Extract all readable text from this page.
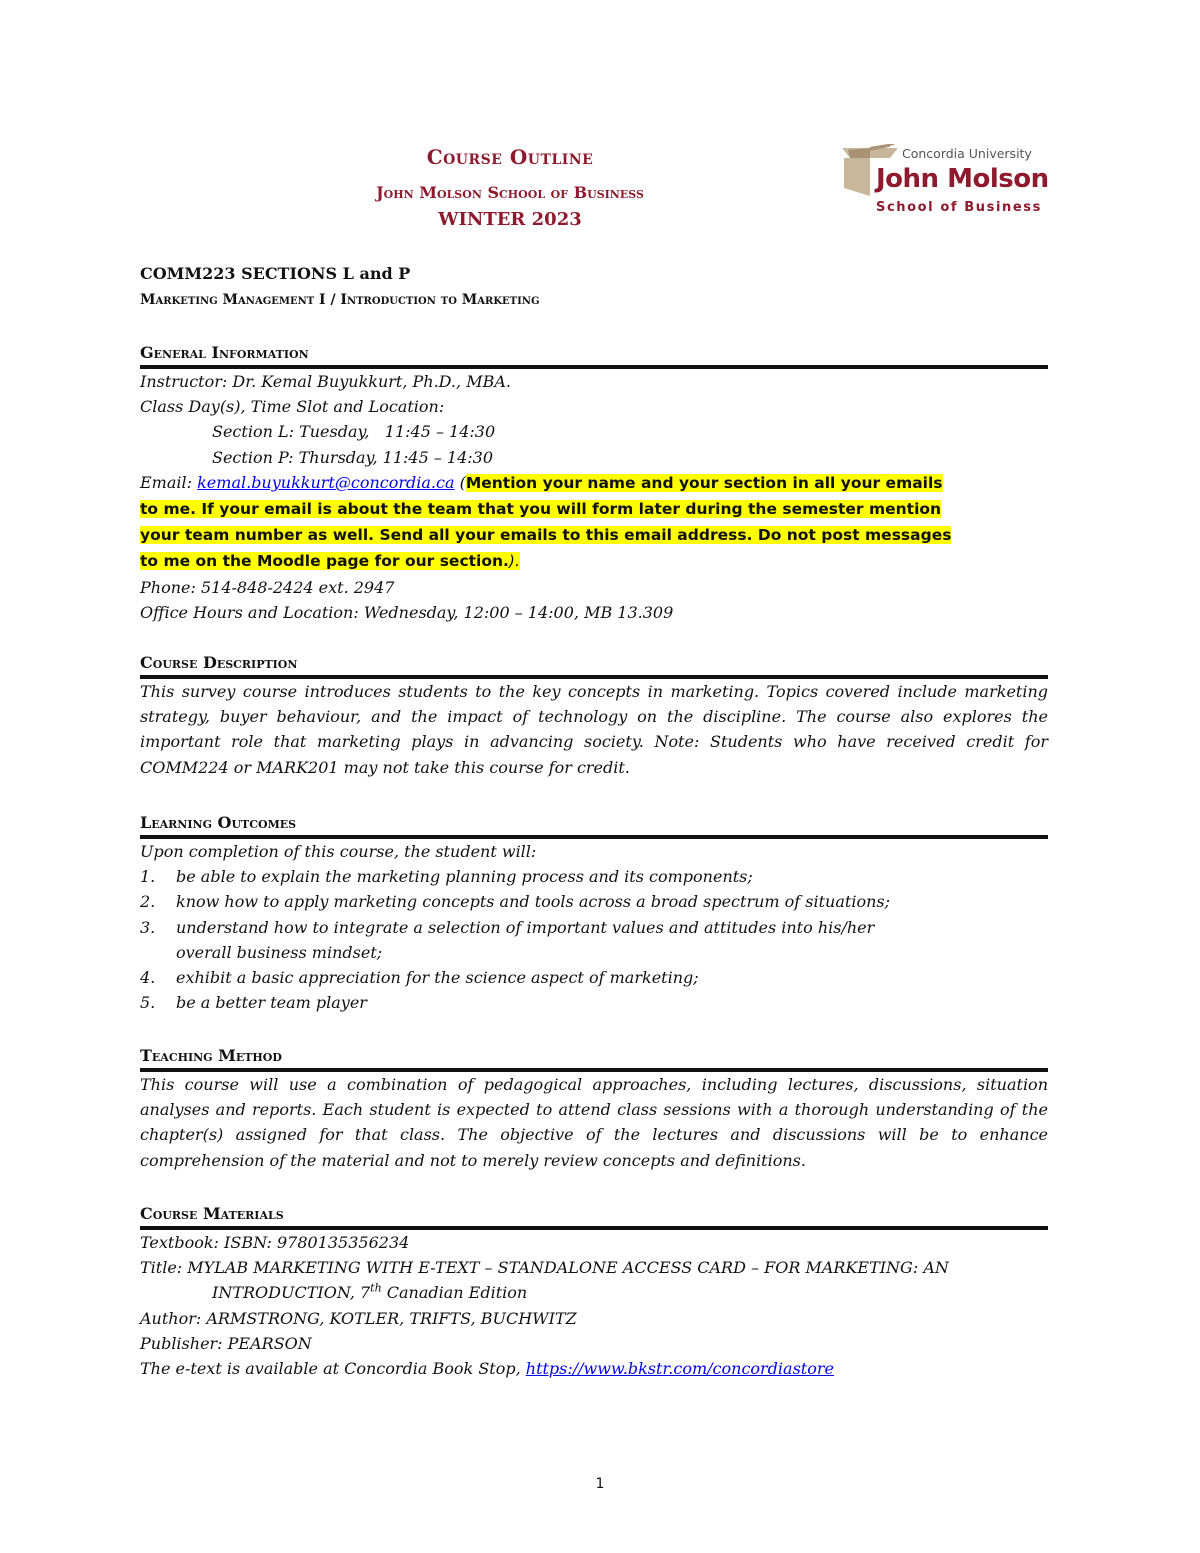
Course Outline
John Molson School of Business
WINTER 2023
Concordia University
John Molson
School of Business
COMM223 SECTIONS L and P
Marketing Management I / Introduction to Marketing
General Information
Instructor: Dr. Kemal Buyukkurt, Ph.D., MBA.
Class Day(s), Time Slot and Location:
Section L: Tuesday,   11:45 – 14:30
Section P: Thursday, 11:45 – 14:30
Email: kemal.buyukkurt@concordia.ca (Mention your name and your section in all your emails
to me. If your email is about the team that you will form later during the semester mention
your team number as well. Send all your emails to this email address. Do not post messages
to me on the Moodle page for our section.).
Phone: 514-848-2424 ext. 2947
Office Hours and Location: Wednesday, 12:00 – 14:00, MB 13.309
Course Description
This survey course introduces students to the key concepts in marketing. Topics covered include marketing strategy, buyer behaviour, and the impact of technology on the discipline. The course also explores the important role that marketing plays in advancing society. Note: Students who have received credit for COMM224 or MARK201 may not take this course for credit.
Learning Outcomes
Upon completion of this course, the student will:
1. be able to explain the marketing planning process and its components;
2. know how to apply marketing concepts and tools across a broad spectrum of situations;
3. understand how to integrate a selection of important values and attitudes into his/her
overall business mindset;
4. exhibit a basic appreciation for the science aspect of marketing;
5. be a better team player
Teaching Method
This course will use a combination of pedagogical approaches, including lectures, discussions, situation analyses and reports. Each student is expected to attend class sessions with a thorough understanding of the chapter(s) assigned for that class. The objective of the lectures and discussions will be to enhance comprehension of the material and not to merely review concepts and definitions.
Course Materials
Textbook: ISBN: 9780135356234
Title: MYLAB MARKETING WITH E-TEXT – STANDALONE ACCESS CARD – FOR MARKETING: AN
INTRODUCTION, 7th Canadian Edition
Author: ARMSTRONG, KOTLER, TRIFTS, BUCHWITZ
Publisher: PEARSON
The e-text is available at Concordia Book Stop, https://www.bkstr.com/concordiastore
1
